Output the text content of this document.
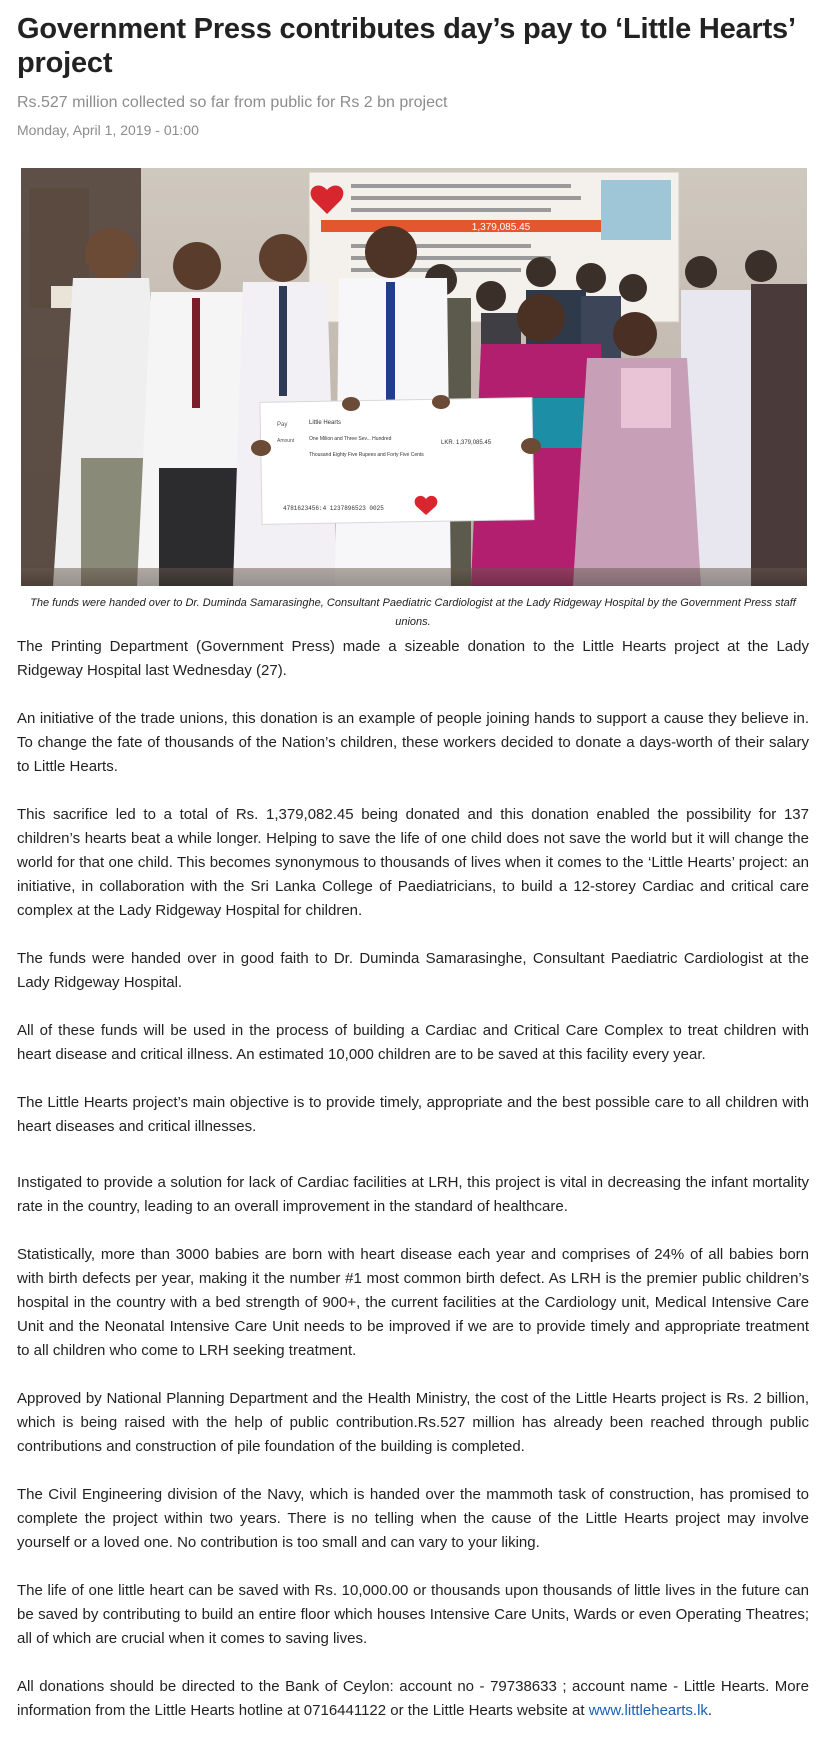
Government Press contributes day’s pay to ‘Little Hearts’ project
Rs.527 million collected so far from public for Rs 2 bn project
Monday, April 1, 2019 - 01:00
1,379,085.45
Pay	Little Hearts
Amount	One Milion and Three Sev... Hundred
Thousand Eighty Five Rupees and Forty Five Cents
LKR. 1,379,085.45
4781623456:4 1237896523 0025
The funds were handed over to Dr. Duminda Samarasinghe, Consultant Paediatric Cardiologist at the Lady Ridgeway Hospital by the Government Press staff unions.

The Printing Department (Government Press) made a sizeable donation to the Little Hearts project at the Lady Ridgeway Hospital last Wednesday (27).

An initiative of the trade unions, this donation is an example of people joining hands to support a cause they believe in. To change the fate of thousands of the Nation’s children, these workers decided to donate a days-worth of their salary to Little Hearts.

This sacrifice led to a total of Rs. 1,379,082.45 being donated and this donation enabled the possibility for 137 children’s hearts beat a while longer. Helping to save the life of one child does not save the world but it will change the world for that one child. This becomes synonymous to thousands of lives when it comes to the ‘Little Hearts’ project: an initiative, in collaboration with the Sri Lanka College of Paediatricians, to build a 12-storey Cardiac and critical care complex at the Lady Ridgeway Hospital for children.

The funds were handed over in good faith to Dr. Duminda Samarasinghe, Consultant Paediatric Cardiologist at the Lady Ridgeway Hospital.

All of these funds will be used in the process of building a Cardiac and Critical Care Complex to treat children with heart disease and critical illness. An estimated 10,000 children are to be saved at this facility every year.

The Little Hearts project’s main objective is to provide timely, appropriate and the best possible care to all children with heart diseases and critical illnesses.

Instigated to provide a solution for lack of Cardiac facilities at LRH, this project is vital in decreasing the infant mortality rate in the country, leading to an overall improvement in the standard of healthcare.

Statistically, more than 3000 babies are born with heart disease each year and comprises of 24% of all babies born with birth defects per year, making it the number #1 most common birth defect. As LRH is the premier public children’s hospital in the country with a bed strength of 900+, the current facilities at the Cardiology unit, Medical Intensive Care Unit and the Neonatal Intensive Care Unit needs to be improved if we are to provide timely and appropriate treatment to all children who come to LRH seeking treatment.

Approved by National Planning Department and the Health Ministry, the cost of the Little Hearts project is Rs. 2 billion, which is being raised with the help of public contribution.Rs.527 million has already been reached through public contributions and construction of pile foundation of the building is completed.

The Civil Engineering division of the Navy, which is handed over the mammoth task of construction, has promised to complete the project within two years. There is no telling when the cause of the Little Hearts project may involve yourself or a loved one. No contribution is too small and can vary to your liking.

The life of one little heart can be saved with Rs. 10,000.00 or thousands upon thousands of little lives in the future can be saved by contributing to build an entire floor which houses Intensive Care Units, Wards or even Operating Theatres; all of which are crucial when it comes to saving lives.

All donations should be directed to the Bank of Ceylon: account no - 79738633 ; account name - Little Hearts. More information from the Little Hearts hotline at 0716441122 or the Little Hearts website at www.littlehearts.lk.
